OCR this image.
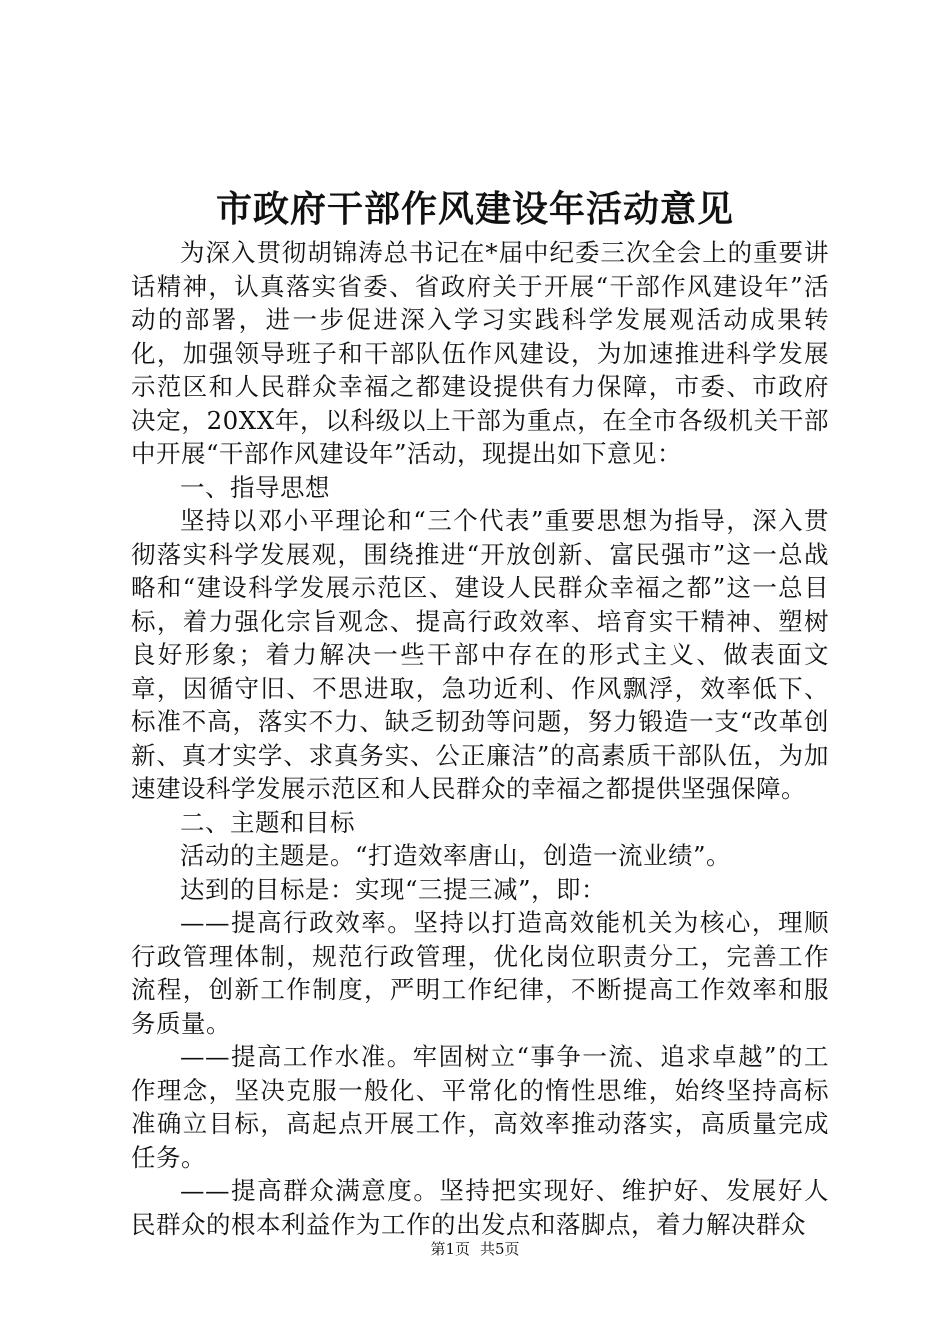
市政府干部作风建设年活动意见

为深入贯彻胡锦涛总书记在*届中纪委三次全会上的重要讲话精神，认真落实省委、省政府关于开展“干部作风建设年”活动的部署，进一步促进深入学习实践科学发展观活动成果转化，加强领导班子和干部队伍作风建设，为加速推进科学发展示范区和人民群众幸福之都建设提供有力保障，市委、市政府决定，20XX年，以科级以上干部为重点，在全市各级机关干部中开展“干部作风建设年”活动，现提出如下意见：

一、指导思想

坚持以邓小平理论和“三个代表”重要思想为指导，深入贯彻落实科学发展观，围绕推进“开放创新、富民强市”这一总战略和“建设科学发展示范区、建设人民群众幸福之都”这一总目标，着力强化宗旨观念、提高行政效率、培育实干精神、塑树良好形象；着力解决一些干部中存在的形式主义、做表面文章，因循守旧、不思进取，急功近利、作风飘浮，效率低下、标准不高，落实不力、缺乏韧劲等问题，努力锻造一支“改革创新、真才实学、求真务实、公正廉洁”的高素质干部队伍，为加速建设科学发展示范区和人民群众的幸福之都提供坚强保障。

二、主题和目标

活动的主题是。“打造效率唐山，创造一流业绩”。

达到的目标是：实现“三提三减”，即：

——提高行政效率。坚持以打造高效能机关为核心，理顺行政管理体制，规范行政管理，优化岗位职责分工，完善工作流程，创新工作制度，严明工作纪律，不断提高工作效率和服务质量。

——提高工作水准。牢固树立“事争一流、追求卓越”的工作理念，坚决克服一般化、平常化的惰性思维，始终坚持高标准确立目标，高起点开展工作，高效率推动落实，高质量完成任务。

——提高群众满意度。坚持把实现好、维护好、发展好人民群众的根本利益作为工作的出发点和落脚点，着力解决群众

第1页 共5页
